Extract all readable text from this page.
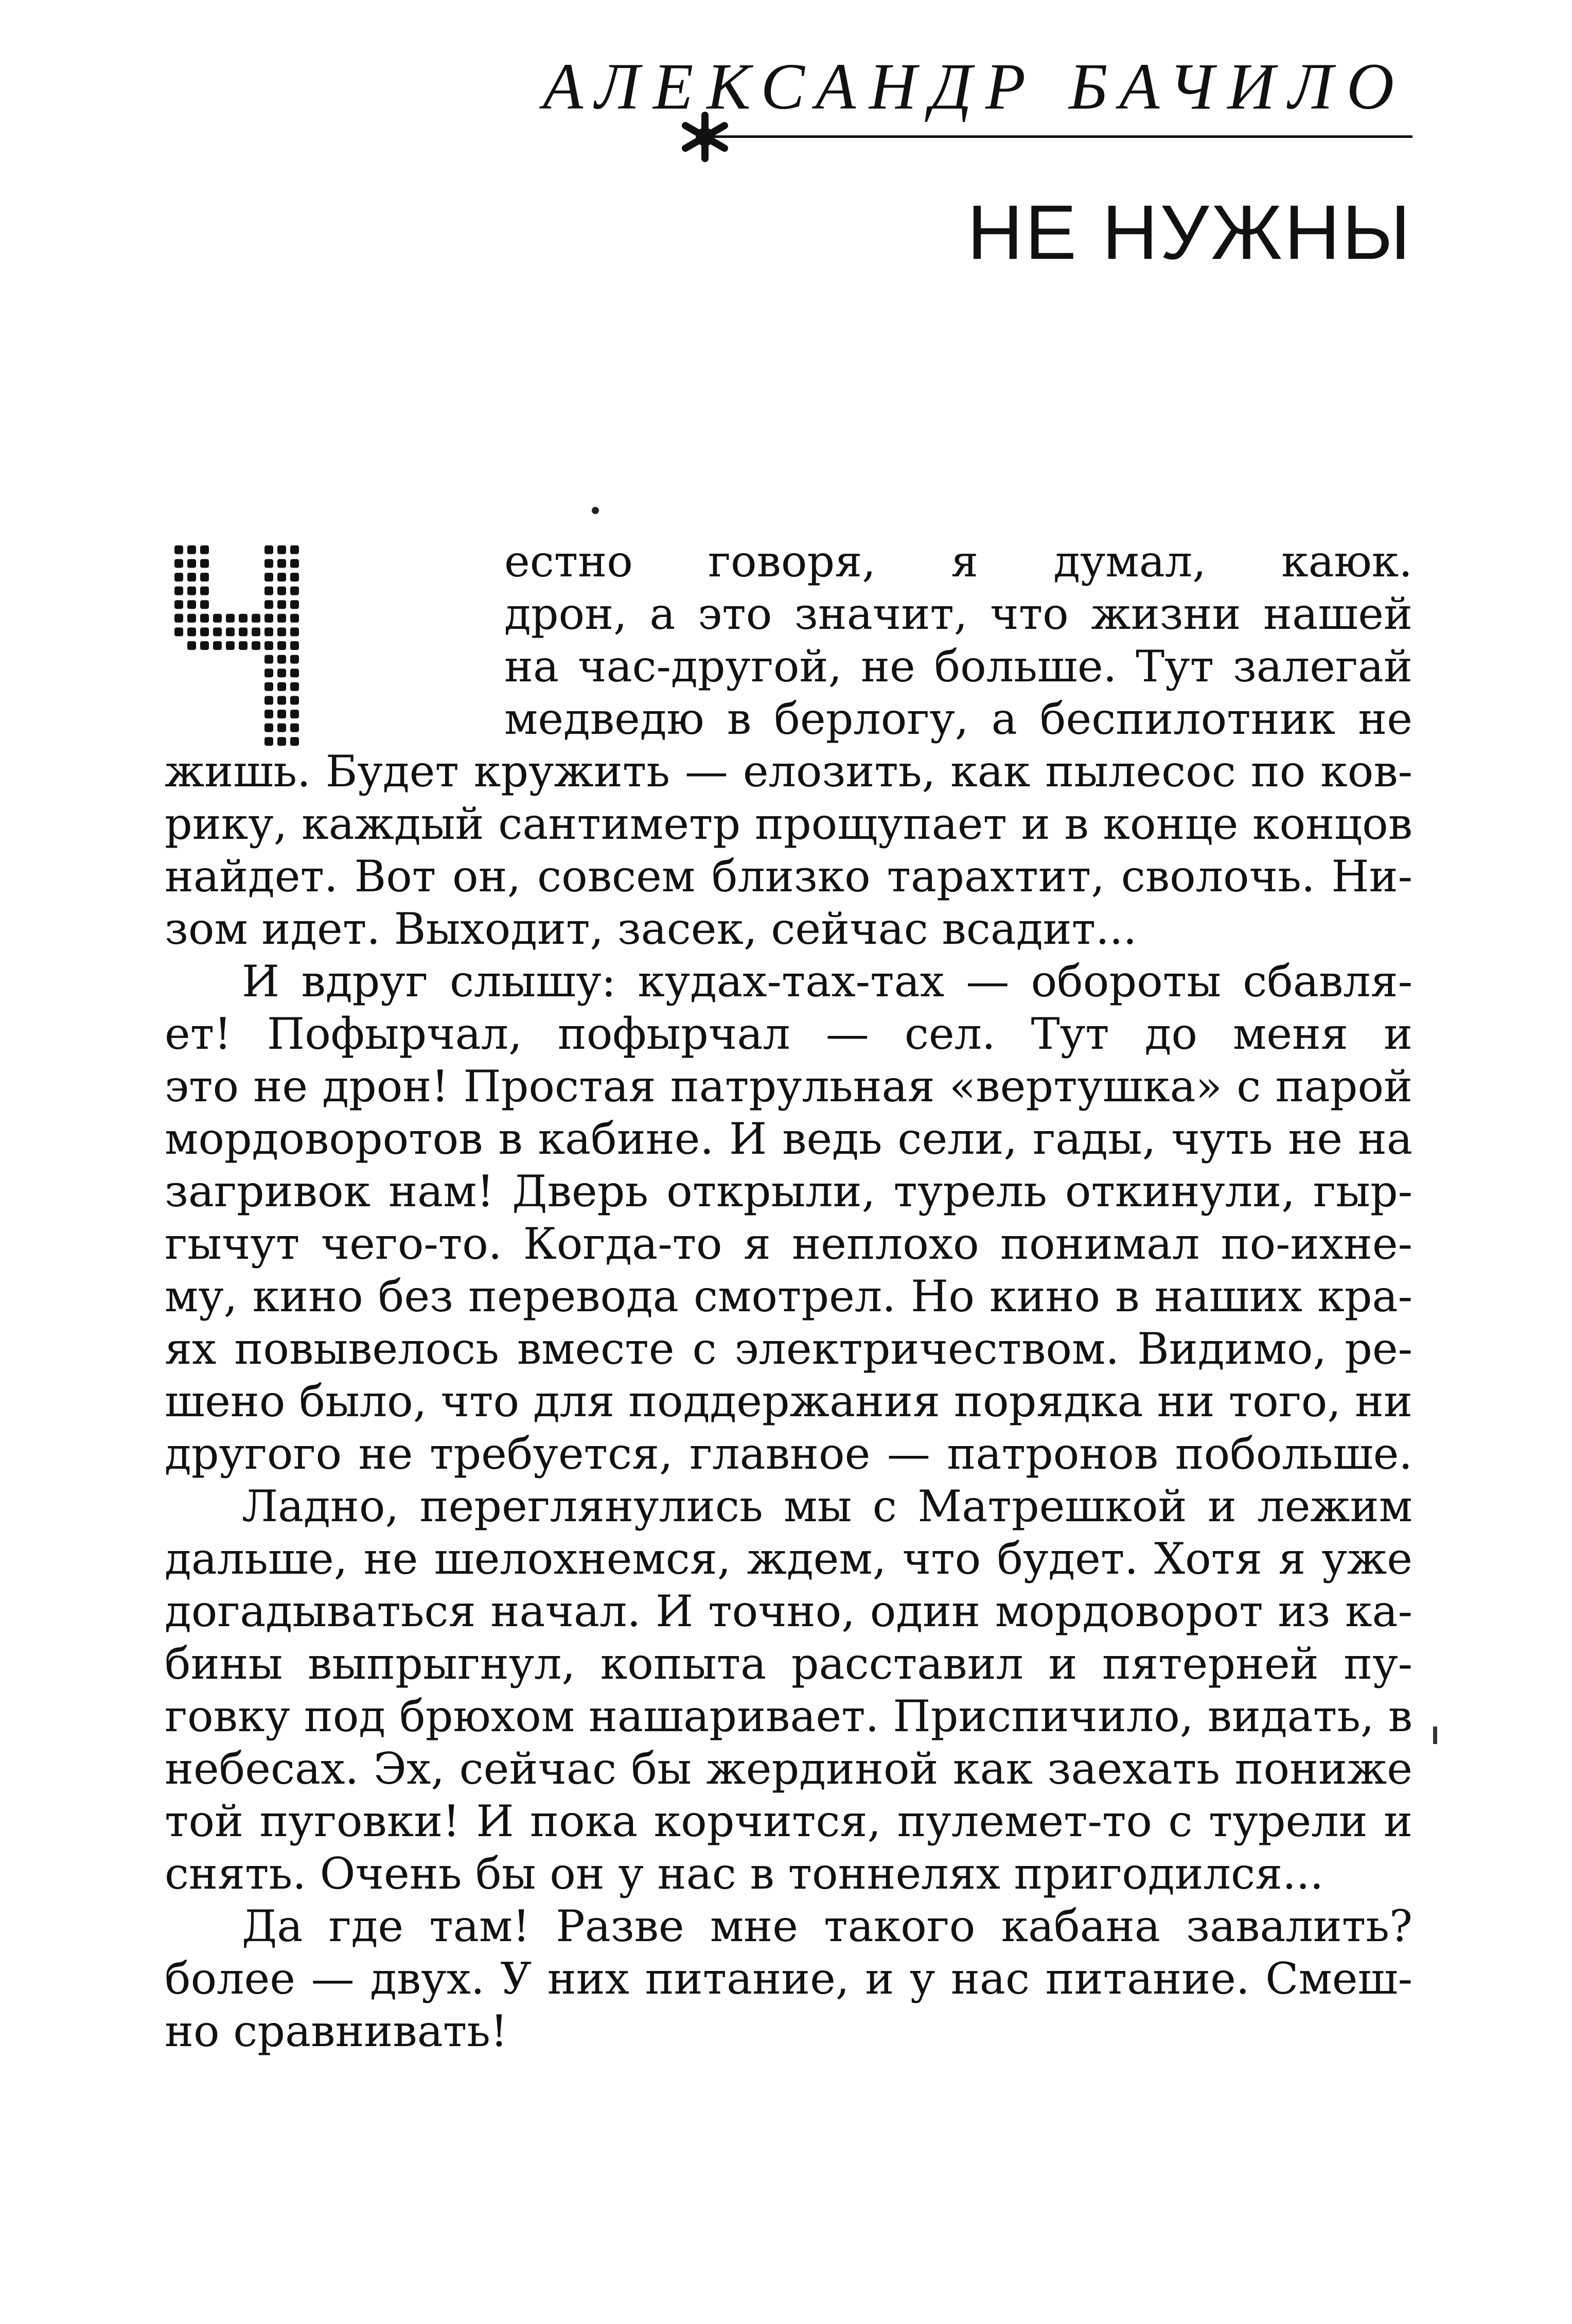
АЛЕКСАНДР БАЧИЛО
НЕ НУЖНЫ
естно говоря, я думал, каюк.
дрон, а это значит, что жизни нашей
на час-другой, не больше. Тут залегай
медведю в берлогу, а беспилотник не
жишь. Будет кружить — елозить, как пылесос по ков-
рику, каждый сантиметр прощупает и в конце концов
найдет. Вот он, совсем близко тарахтит, сволочь. Ни-
зом идет. Выходит, засек, сейчас всадит...
И вдруг слышу: кудах-тах-тах — обороты сбавля-
ет! Пофырчал, пофырчал — сел. Тут до меня и
это не дрон! Простая патрульная «вертушка» с парой
мордоворотов в кабине. И ведь сели, гады, чуть не на
загривок нам! Дверь открыли, турель откинули, гыр-
гычут чего-то. Когда-то я неплохо понимал по-ихне-
му, кино без перевода смотрел. Но кино в наших кра-
ях повывелось вместе с электричеством. Видимо, ре-
шено было, что для поддержания порядка ни того, ни
другого не требуется, главное — патронов побольше.
Ладно, переглянулись мы с Матрешкой и лежим
дальше, не шелохнемся, ждем, что будет. Хотя я уже
догадываться начал. И точно, один мордоворот из ка-
бины выпрыгнул, копыта расставил и пятерней пу-
говку под брюхом нашаривает. Приспичило, видать, в
небесах. Эх, сейчас бы жердиной как заехать пониже
той пуговки! И пока корчится, пулемет-то с турели и
снять. Очень бы он у нас в тоннелях пригодился...
Да где там! Разве мне такого кабана завалить?
более — двух. У них питание, и у нас питание. Смеш-
но сравнивать!
